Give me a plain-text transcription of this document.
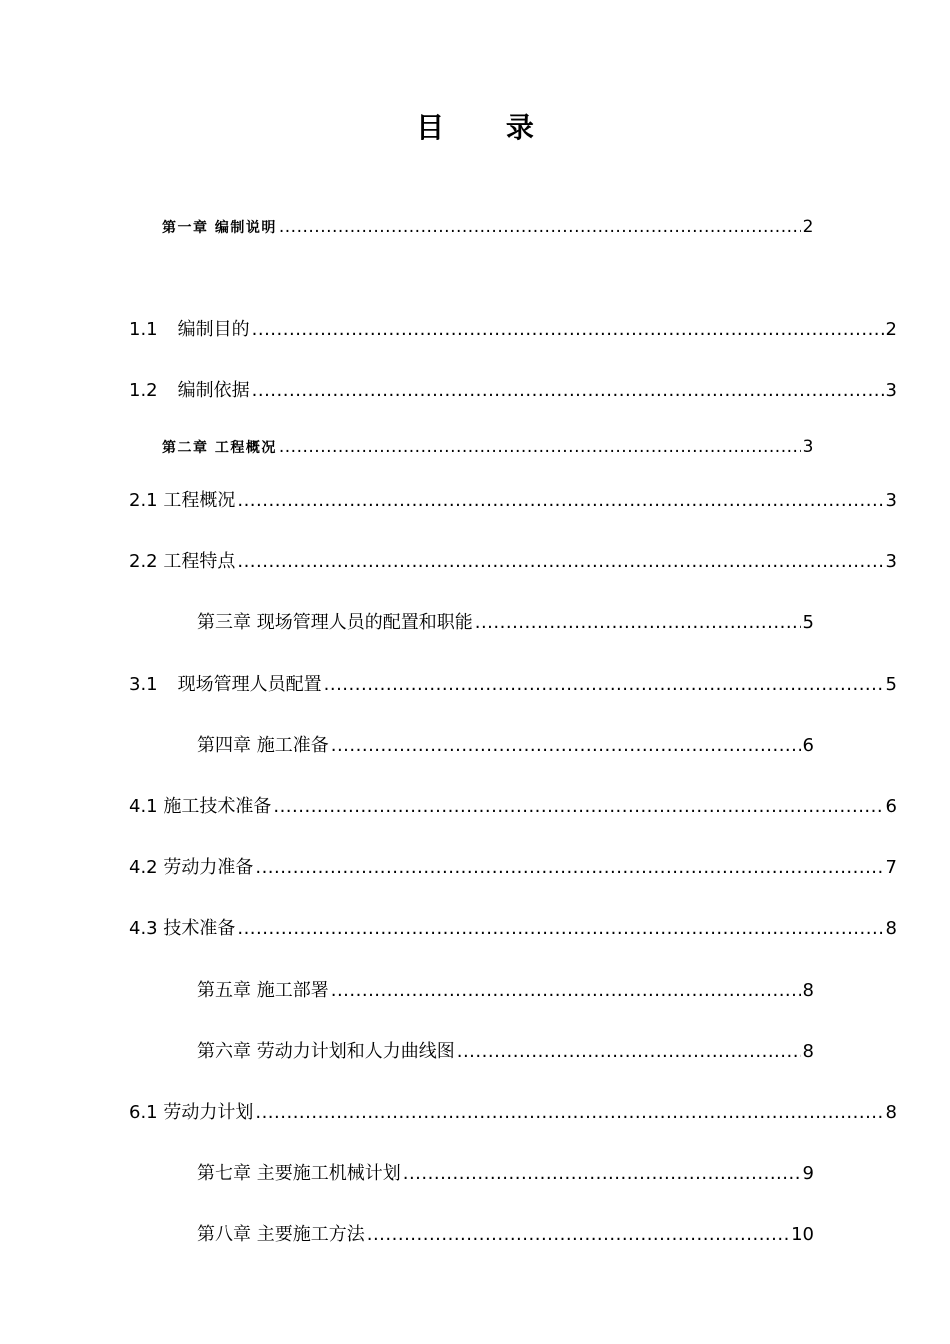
目 录
第一章 编制说明 .....	2
1.1 编制目的 .....	2
1.2 编制依据 .....	3
第二章 工程概况 .....	3
2.1 工程概况 .....	3
2.2 工程特点 .....	3
第三章 现场管理人员的配置和职能 .....	5
3.1 现场管理人员配置 .....	5
第四章 施工准备 .....	6
4.1 施工技术准备 .....	6
4.2 劳动力准备 .....	7
4.3 技术准备 .....	8
第五章 施工部署 .....	8
第六章 劳动力计划和人力曲线图 .....	8
6.1 劳动力计划 .....	8
第七章 主要施工机械计划 .....	9
第八章 主要施工方法 .....	10
